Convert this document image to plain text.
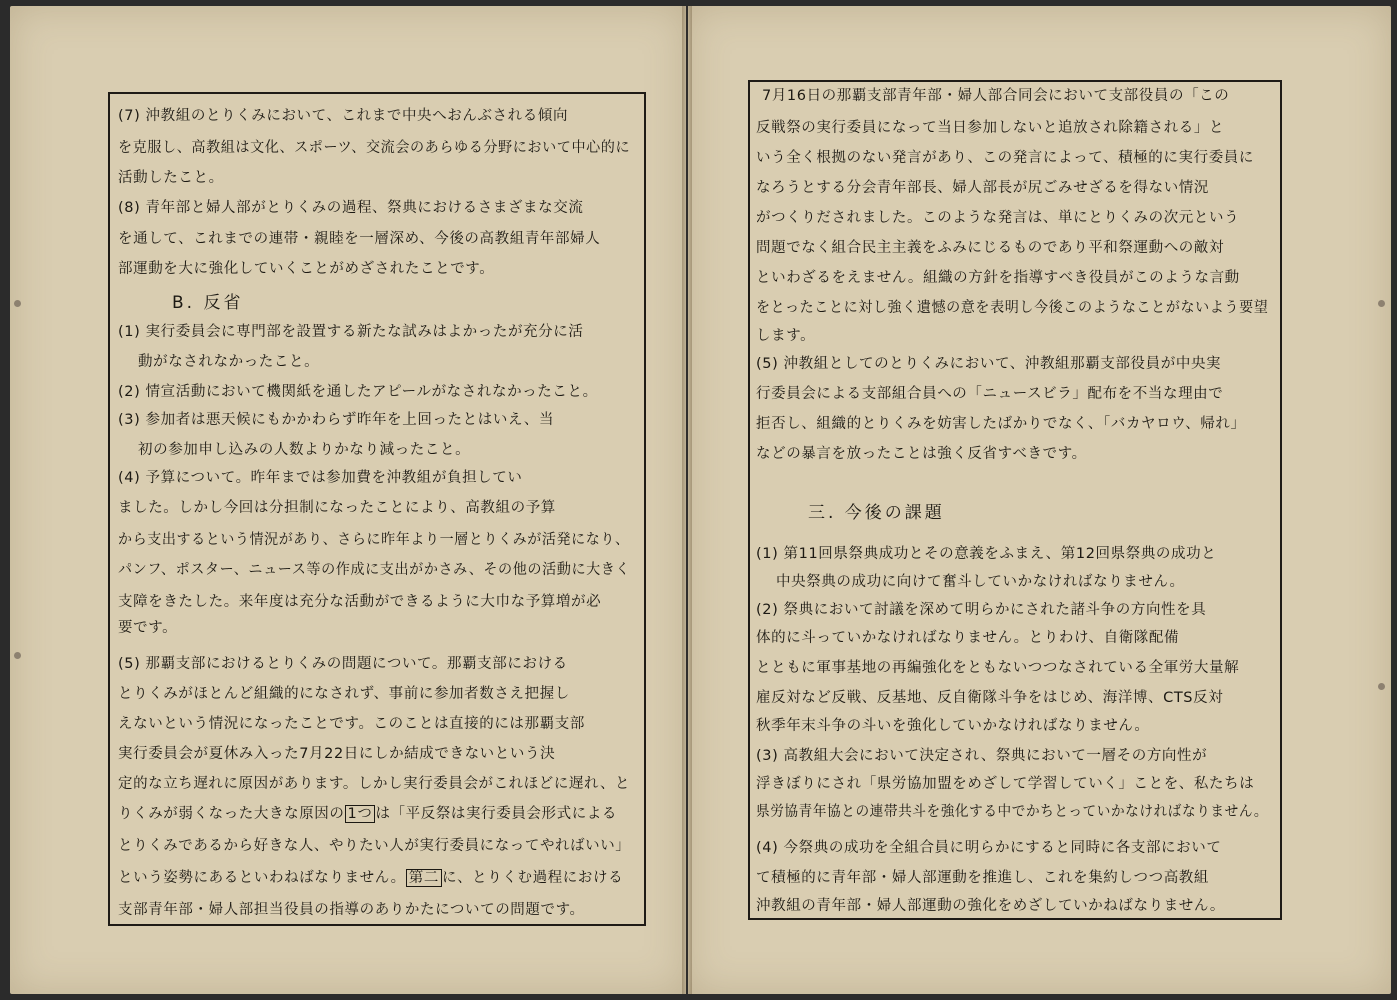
(7) 沖教組のとりくみにおいて、これまで中央へおんぶされる傾向
を克服し、高教組は文化、スポーツ、交流会のあらゆる分野において中心的に
活動したこと。
(8) 青年部と婦人部がとりくみの過程、祭典におけるさまざまな交流
を通して、これまでの連帯・親睦を一層深め、今後の高教組青年部婦人
部運動を大に強化していくことがめざされたことです。
B. 反省
(1) 実行委員会に専門部を設置する新たな試みはよかったが充分に活
動がなされなかったこと。
(2) 情宣活動において機関紙を通したアピールがなされなかったこと。
(3) 参加者は悪天候にもかかわらず昨年を上回ったとはいえ、当
初の参加申し込みの人数よりかなり減ったこと。
(4) 予算について。昨年までは参加費を沖教組が負担してい
ました。しかし今回は分担制になったことにより、高教組の予算
から支出するという情況があり、さらに昨年より一層とりくみが活発になり、
パンフ、ポスター、ニュース等の作成に支出がかさみ、その他の活動に大きく
支障をきたした。来年度は充分な活動ができるように大巾な予算増が必
要です。
(5) 那覇支部におけるとりくみの問題について。那覇支部における
とりくみがほとんど組織的になされず、事前に参加者数さえ把握し
えないという情況になったことです。このことは直接的には那覇支部
実行委員会が夏休み入った7月22日にしか結成できないという決
定的な立ち遅れに原因があります。しかし実行委員会がこれほどに遅れ、と
りくみが弱くなった大きな原因の 1つ は「平反祭は実行委員会形式による
とりくみであるから好きな人、やりたい人が実行委員になってやればいい」
という姿勢にあるといわねばなりません。 第二 に、とりくむ過程における
支部青年部・婦人部担当役員の指導のありかたについての問題です。
7月16日の那覇支部青年部・婦人部合同会において支部役員の「この
反戦祭の実行委員になって当日参加しないと追放され除籍される」と
いう全く根拠のない発言があり、この発言によって、積極的に実行委員に
なろうとする分会青年部長、婦人部長が尻ごみせざるを得ない情況
がつくりだされました。このような発言は、単にとりくみの次元という
問題でなく組合民主主義をふみにじるものであり平和祭運動への敵対
といわざるをえません。組織の方針を指導すべき役員がこのような言動
をとったことに対し強く遺憾の意を表明し今後このようなことがないよう要望
します。
(5) 沖教組としてのとりくみにおいて、沖教組那覇支部役員が中央実
行委員会による支部組合員への「ニュースビラ」配布を不当な理由で
拒否し、組織的とりくみを妨害したばかりでなく、「バカヤロウ、帰れ」
などの暴言を放ったことは強く反省すべきです。
三. 今後の課題
(1) 第11回県祭典成功とその意義をふまえ、第12回県祭典の成功と
中央祭典の成功に向けて奮斗していかなければなりません。
(2) 祭典において討議を深めて明らかにされた諸斗争の方向性を具
体的に斗っていかなければなりません。とりわけ、自衛隊配備
とともに軍事基地の再編強化をともないつつなされている全軍労大量解
雇反対など反戦、反基地、反自衛隊斗争をはじめ、海洋博、CTS反対
秋季年末斗争の斗いを強化していかなければなりません。
(3) 高教組大会において決定され、祭典において一層その方向性が
浮きぼりにされ「県労協加盟をめざして学習していく」ことを、私たちは
県労協青年協との連帯共斗を強化する中でかちとっていかなければなりません。
(4) 今祭典の成功を全組合員に明らかにすると同時に各支部において
て積極的に青年部・婦人部運動を推進し、これを集約しつつ高教組
沖教組の青年部・婦人部運動の強化をめざしていかねばなりません。
